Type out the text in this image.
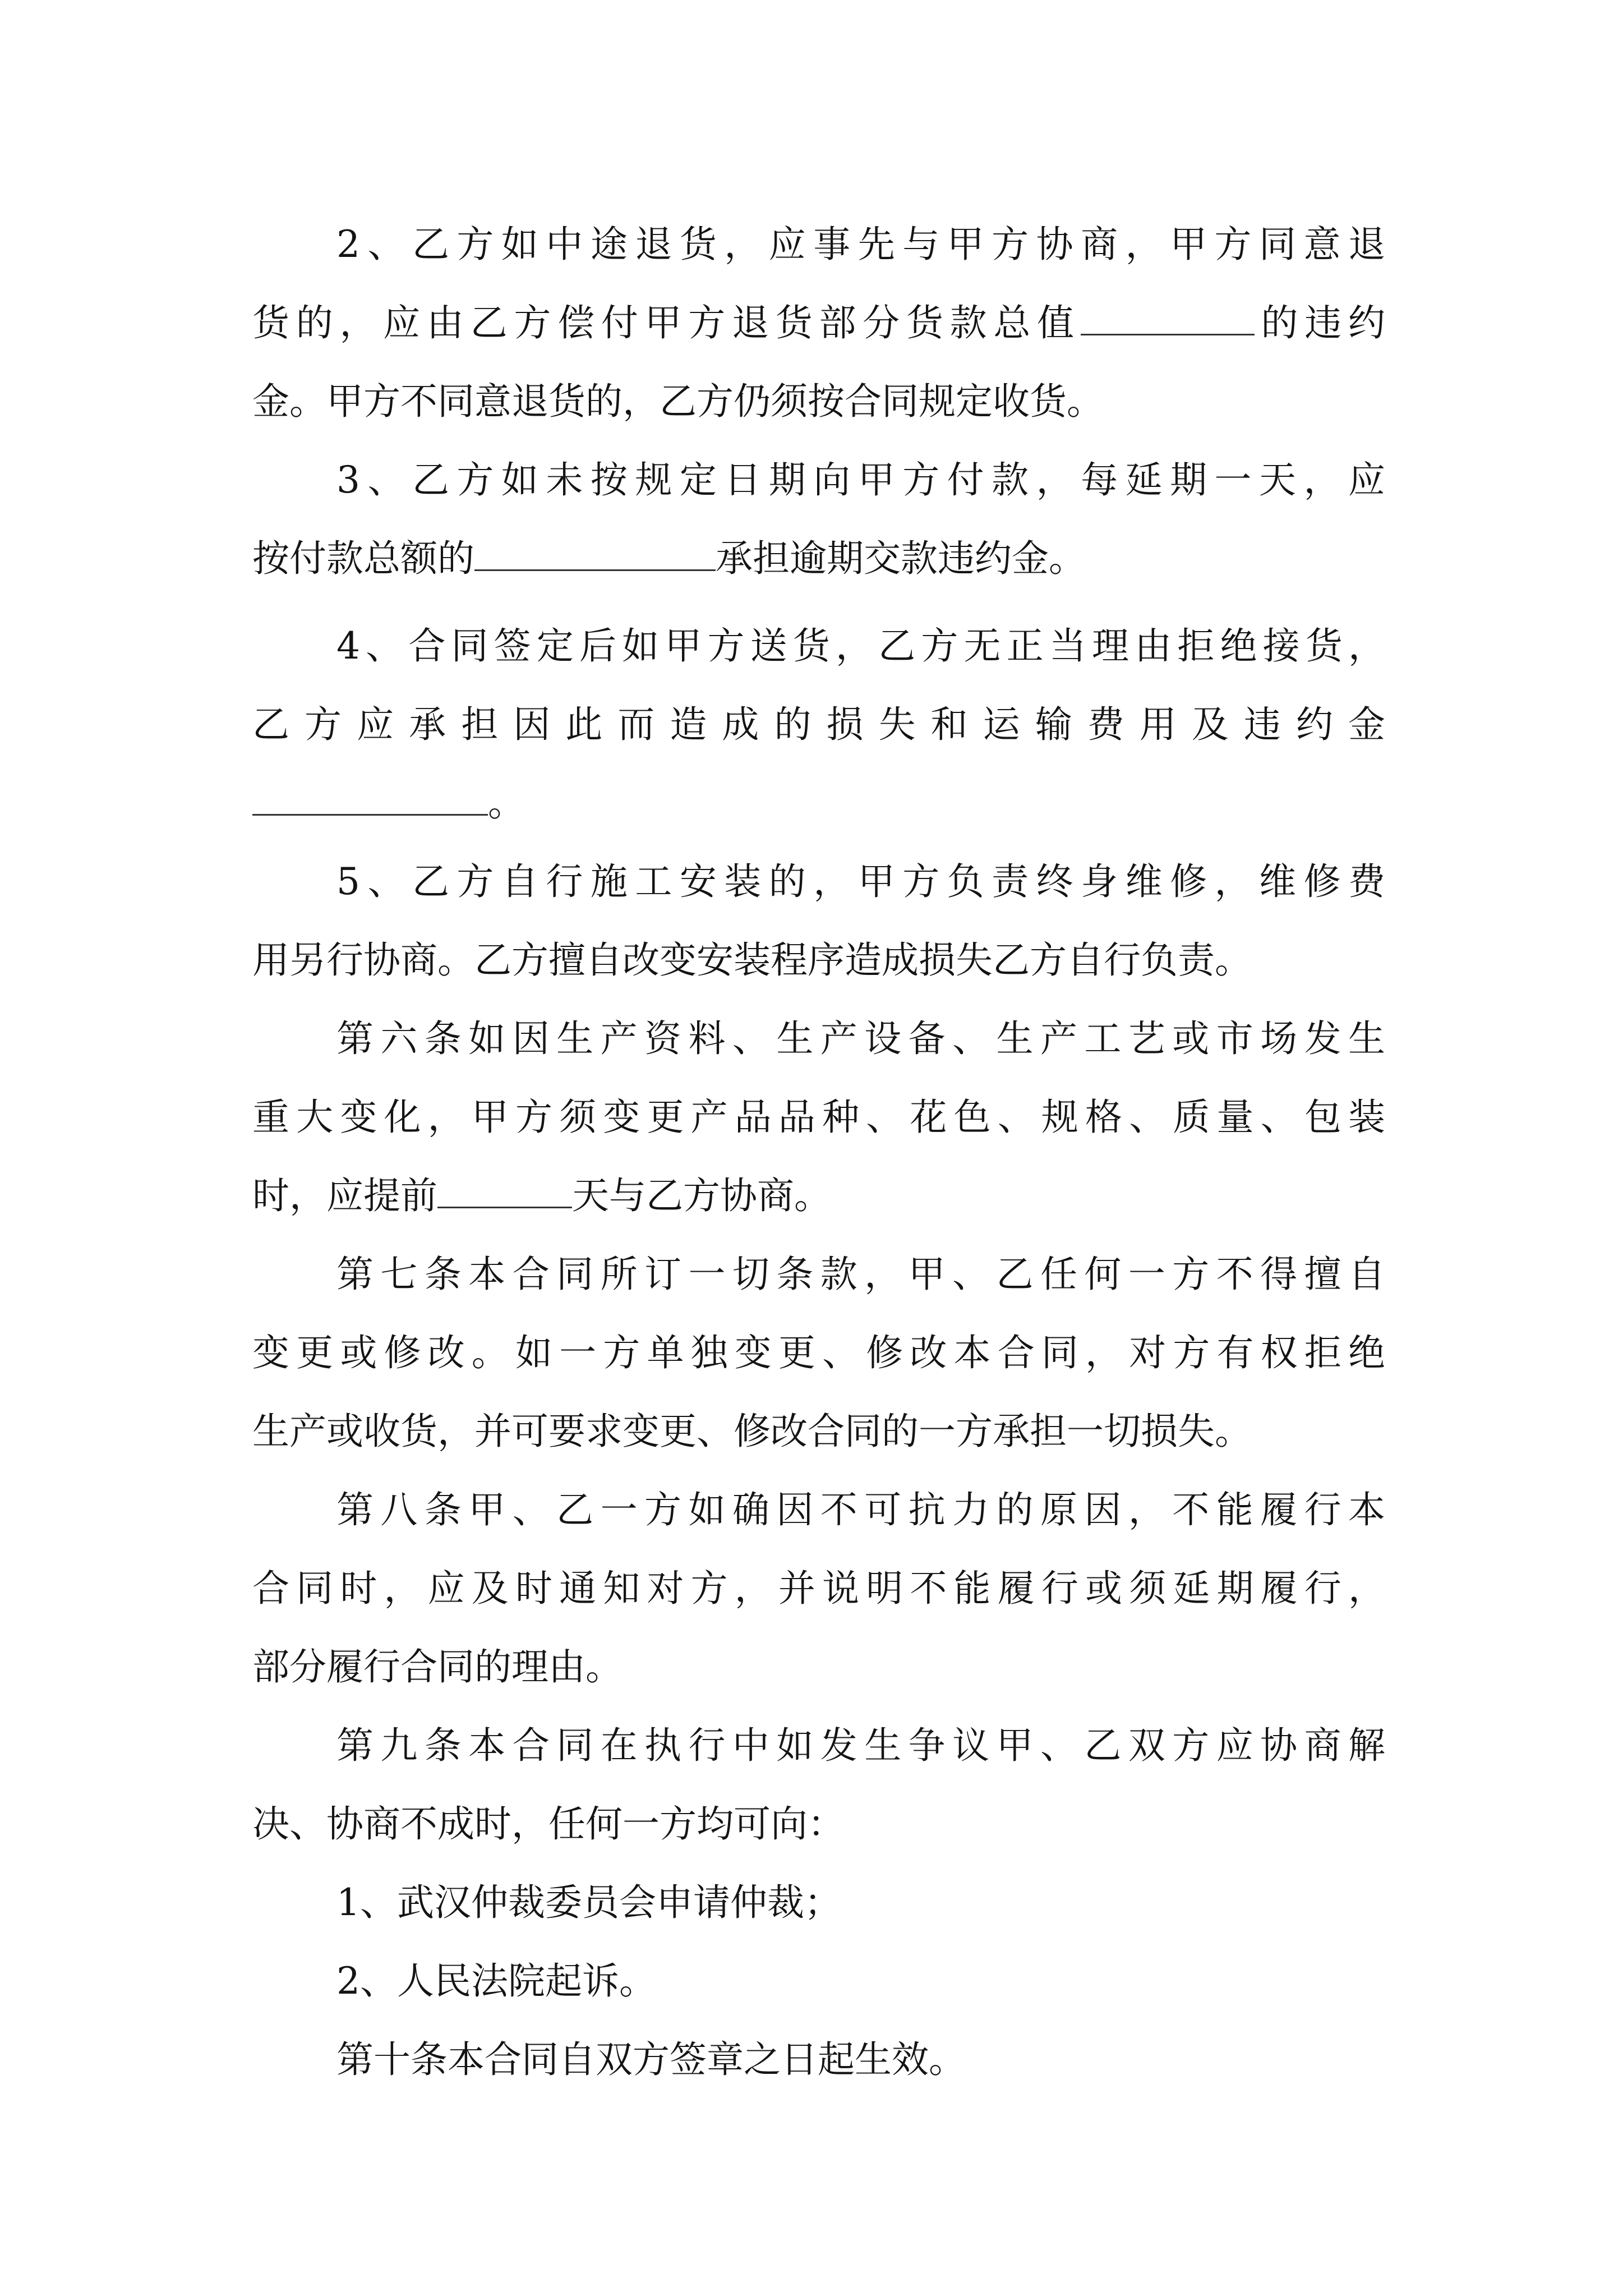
2、乙方如中途退货，应事先与甲方协商，甲方同意退
货的，应由乙方偿付甲方退货部分货款总值	的违约
金。甲方不同意退货的，乙方仍须按合同规定收货。
3、乙方如未按规定日期向甲方付款，每延期一天，应
按付款总额的	承担逾期交款违约金。
4、合同签定后如甲方送货，乙方无正当理由拒绝接货，
乙方应承担因此而造成的损失和运输费用及违约金
。
5、乙方自行施工安装的，甲方负责终身维修，维修费
用另行协商。乙方擅自改变安装程序造成损失乙方自行负责。
第六条如因生产资料、生产设备、生产工艺或市场发生
重大变化，甲方须变更产品品种、花色、规格、质量、包装
时，应提前	天与乙方协商。
第七条本合同所订一切条款，甲、乙任何一方不得擅自
变更或修改。如一方单独变更、修改本合同，对方有权拒绝
生产或收货，并可要求变更、修改合同的一方承担一切损失。
第八条甲、乙一方如确因不可抗力的原因，不能履行本
合同时，应及时通知对方，并说明不能履行或须延期履行，
部分履行合同的理由。
第九条本合同在执行中如发生争议甲、乙双方应协商解
决、协商不成时，任何一方均可向：
1、武汉仲裁委员会申请仲裁；
2、人民法院起诉。
第十条本合同自双方签章之日起生效。
